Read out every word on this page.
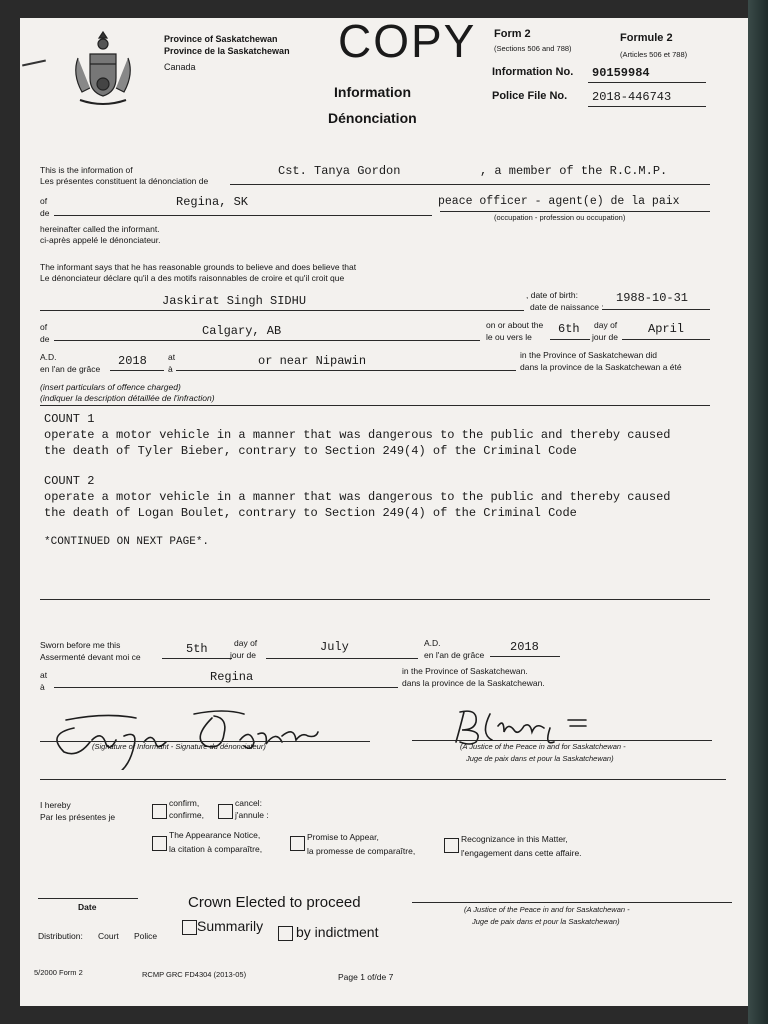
Province of Saskatchewan
Province de la Saskatchewan
Canada	COPY Form 2
(Sections 506 and 788)
Formule 2
(Articles 506 et 788)
Information
Dénonciation
Information No. 90159984
Police File No. 2018-446743
This is the information of
Les présentes constituent la dénonciation de
Cst. Tanya Gordon	, a member of the R.C.M.P.
of
de
Regina, SK	peace officer - agent(e) de la paix
(occupation - profession ou occupation)
hereinafter called the informant.
ci-après appelé le dénonciateur.
The informant says that he has reasonable grounds to believe and does believe that
Le dénonciateur déclare qu'il a des motifs raisonnables de croire et qu'il croit que
Jaskirat Singh SIDHU	, date of birth:
date de naissance :
1988-10-31
of
de
Calgary, AB	on or about the
le ou vers le
6th day of
jour de
April
A.D.
en l'an de grâce
2018 at
à
or near Nipawin	in the Province of Saskatchewan did
dans la province de la Saskatchewan a été
(insert particulars of offence charged)
(indiquer la description détaillée de l'infraction)
COUNT 1
operate a motor vehicle in a manner that was dangerous to the public and thereby caused
the death of Tyler Bieber, contrary to Section 249(4) of the Criminal Code
COUNT 2
operate a motor vehicle in a manner that was dangerous to the public and thereby caused
the death of Logan Boulet, contrary to Section 249(4) of the Criminal Code
*CONTINUED ON NEXT PAGE*.
Sworn before me this
Assermenté devant moi ce
5th	day of
jour de
July	A.D.
en l'an de grâce
2018
at
à
Regina	in the Province of Saskatchewan.
dans la province de la Saskatchewan.
(Signature of Informant - Signature du dénonciateur)	(A Justice of the Peace in and for Saskatchewan -
Juge de paix dans et pour la Saskatchewan)
I hereby
Par les présentes je
confirm,
confirme,
cancel:
j'annule :
The Appearance Notice,
la citation à comparaître,
Promise to Appear,
la promesse de comparaître,
Recognizance in this Matter,
l'engagement dans cette affaire.
Date	Crown Elected to proceed
Summarily by indictment
(A Justice of the Peace in and for Saskatchewan -
Juge de paix dans et pour la Saskatchewan)
Distribution: Court Police
5/2000 Form 2	RCMP GRC FD4304 (2013-05)	Page 1 of/de 7
